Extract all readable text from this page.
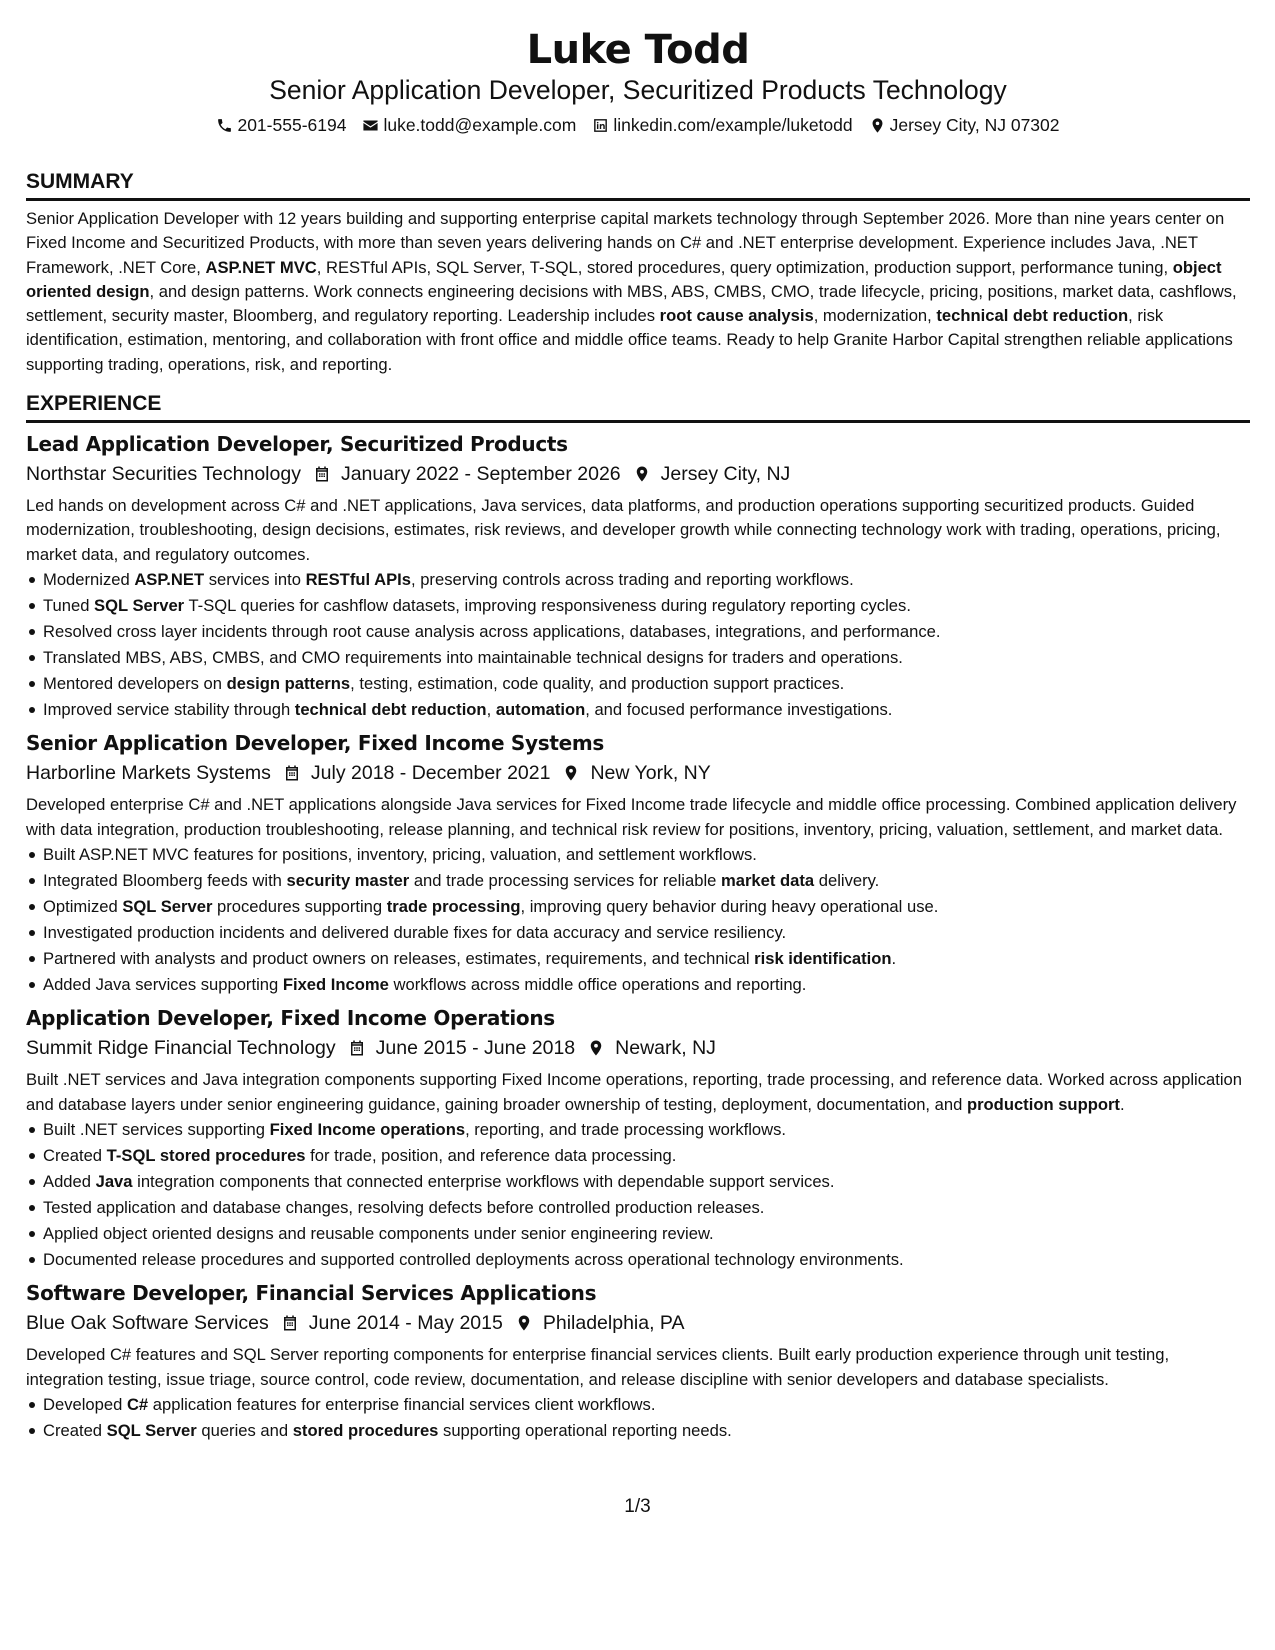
Luke Todd
Senior Application Developer, Securitized Products Technology
201-555-6194 luke.todd@example.com linkedin.com/example/luketodd Jersey City, NJ 07302
SUMMARY

Senior Application Developer with 12 years building and supporting enterprise capital markets technology through September 2026. More than nine years center on Fixed Income and Securitized Products, with more than seven years delivering hands on C# and .NET enterprise development. Experience includes Java, .NET Framework, .NET Core, ASP.NET MVC, RESTful APIs, SQL Server, T-SQL, stored procedures, query optimization, production support, performance tuning, object oriented design, and design patterns. Work connects engineering decisions with MBS, ABS, CMBS, CMO, trade lifecycle, pricing, positions, market data, cashflows, settlement, security master, Bloomberg, and regulatory reporting. Leadership includes root cause analysis, modernization, technical debt reduction, risk identification, estimation, mentoring, and collaboration with front office and middle office teams. Ready to help Granite Harbor Capital strengthen reliable applications supporting trading, operations, risk, and reporting.

EXPERIENCE
Lead Application Developer, Securitized Products
Northstar Securities Technology January 2022 - September 2026 Jersey City, NJ

Led hands on development across C# and .NET applications, Java services, data platforms, and production operations supporting securitized products. Guided modernization, troubleshooting, design decisions, estimates, risk reviews, and developer growth while connecting technology work with trading, operations, pricing, market data, and regulatory outcomes.

Modernized ASP.NET services into RESTful APIs, preserving controls across trading and reporting workflows.
Tuned SQL Server T-SQL queries for cashflow datasets, improving responsiveness during regulatory reporting cycles.
Resolved cross layer incidents through root cause analysis across applications, databases, integrations, and performance.
Translated MBS, ABS, CMBS, and CMO requirements into maintainable technical designs for traders and operations.
Mentored developers on design patterns, testing, estimation, code quality, and production support practices.
Improved service stability through technical debt reduction, automation, and focused performance investigations.
Senior Application Developer, Fixed Income Systems
Harborline Markets Systems July 2018 - December 2021 New York, NY

Developed enterprise C# and .NET applications alongside Java services for Fixed Income trade lifecycle and middle office processing. Combined application delivery with data integration, production troubleshooting, release planning, and technical risk review for positions, inventory, pricing, valuation, settlement, and market data.

Built ASP.NET MVC features for positions, inventory, pricing, valuation, and settlement workflows.
Integrated Bloomberg feeds with security master and trade processing services for reliable market data delivery.
Optimized SQL Server procedures supporting trade processing, improving query behavior during heavy operational use.
Investigated production incidents and delivered durable fixes for data accuracy and service resiliency.
Partnered with analysts and product owners on releases, estimates, requirements, and technical risk identification.
Added Java services supporting Fixed Income workflows across middle office operations and reporting.
Application Developer, Fixed Income Operations
Summit Ridge Financial Technology June 2015 - June 2018 Newark, NJ

Built .NET services and Java integration components supporting Fixed Income operations, reporting, trade processing, and reference data. Worked across application and database layers under senior engineering guidance, gaining broader ownership of testing, deployment, documentation, and production support.

Built .NET services supporting Fixed Income operations, reporting, and trade processing workflows.
Created T-SQL stored procedures for trade, position, and reference data processing.
Added Java integration components that connected enterprise workflows with dependable support services.
Tested application and database changes, resolving defects before controlled production releases.
Applied object oriented designs and reusable components under senior engineering review.
Documented release procedures and supported controlled deployments across operational technology environments.
Software Developer, Financial Services Applications
Blue Oak Software Services June 2014 - May 2015 Philadelphia, PA

Developed C# features and SQL Server reporting components for enterprise financial services clients. Built early production experience through unit testing, integration testing, issue triage, source control, code review, documentation, and release discipline with senior developers and database specialists.

Developed C# application features for enterprise financial services client workflows.
Created SQL Server queries and stored procedures supporting operational reporting needs.
1/3
